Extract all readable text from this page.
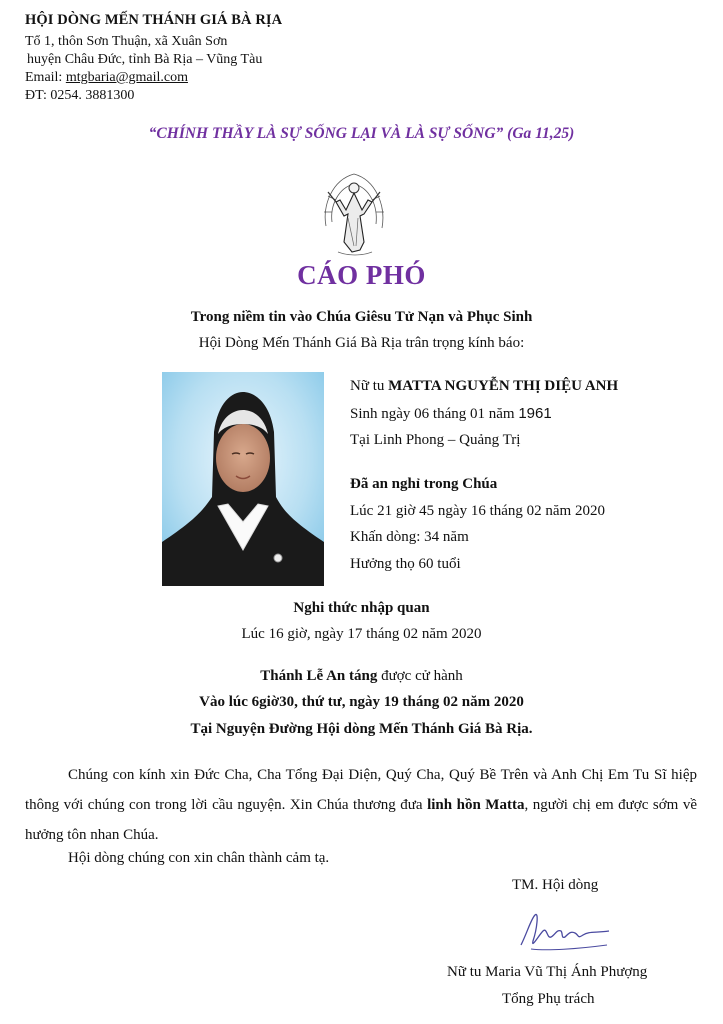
HỘI DÒNG MẾN THÁNH GIÁ BÀ RỊA
Tổ 1, thôn Sơn Thuận, xã Xuân Sơn
huyện Châu Đức, tỉnh Bà Rịa – Vũng Tàu
Email: mtgbaria@gmail.com
ĐT: 0254. 3881300
“CHÍNH THẦY LÀ SỰ SỐNG LẠI VÀ LÀ SỰ SỐNG” (Ga 11,25)
CÁO PHÓ
Trong niềm tin vào Chúa Giêsu Tử Nạn và Phục Sinh
Hội Dòng Mến Thánh Giá Bà Rịa trân trọng kính báo:
Nữ tu MATTA NGUYỄN THỊ DIỆU ANH
Sinh ngày 06 tháng 01 năm 1961
Tại Linh Phong – Quảng Trị
Đã an nghỉ trong Chúa
Lúc 21 giờ 45 ngày 16 tháng 02 năm 2020
Khấn dòng: 34 năm
Hưởng thọ 60 tuổi
Nghi thức nhập quan
Lúc 16 giờ, ngày 17 tháng 02 năm 2020
Thánh Lễ An táng được cử hành
Vào lúc 6giờ30, thứ tư, ngày 19 tháng 02 năm 2020
Tại Nguyện Đường Hội dòng Mến Thánh Giá Bà Rịa.
Chúng con kính xin Đức Cha, Cha Tổng Đại Diện, Quý Cha, Quý Bề Trên và Anh Chị Em Tu Sĩ hiệp thông với chúng con trong lời cầu nguyện. Xin Chúa thương đưa linh hồn Matta, người chị em được sớm về hưởng tôn nhan Chúa.
Hội dòng chúng con xin chân thành cảm tạ.
TM. Hội dòng
Nữ tu Maria Vũ Thị Ánh Phượng
Tổng Phụ trách
